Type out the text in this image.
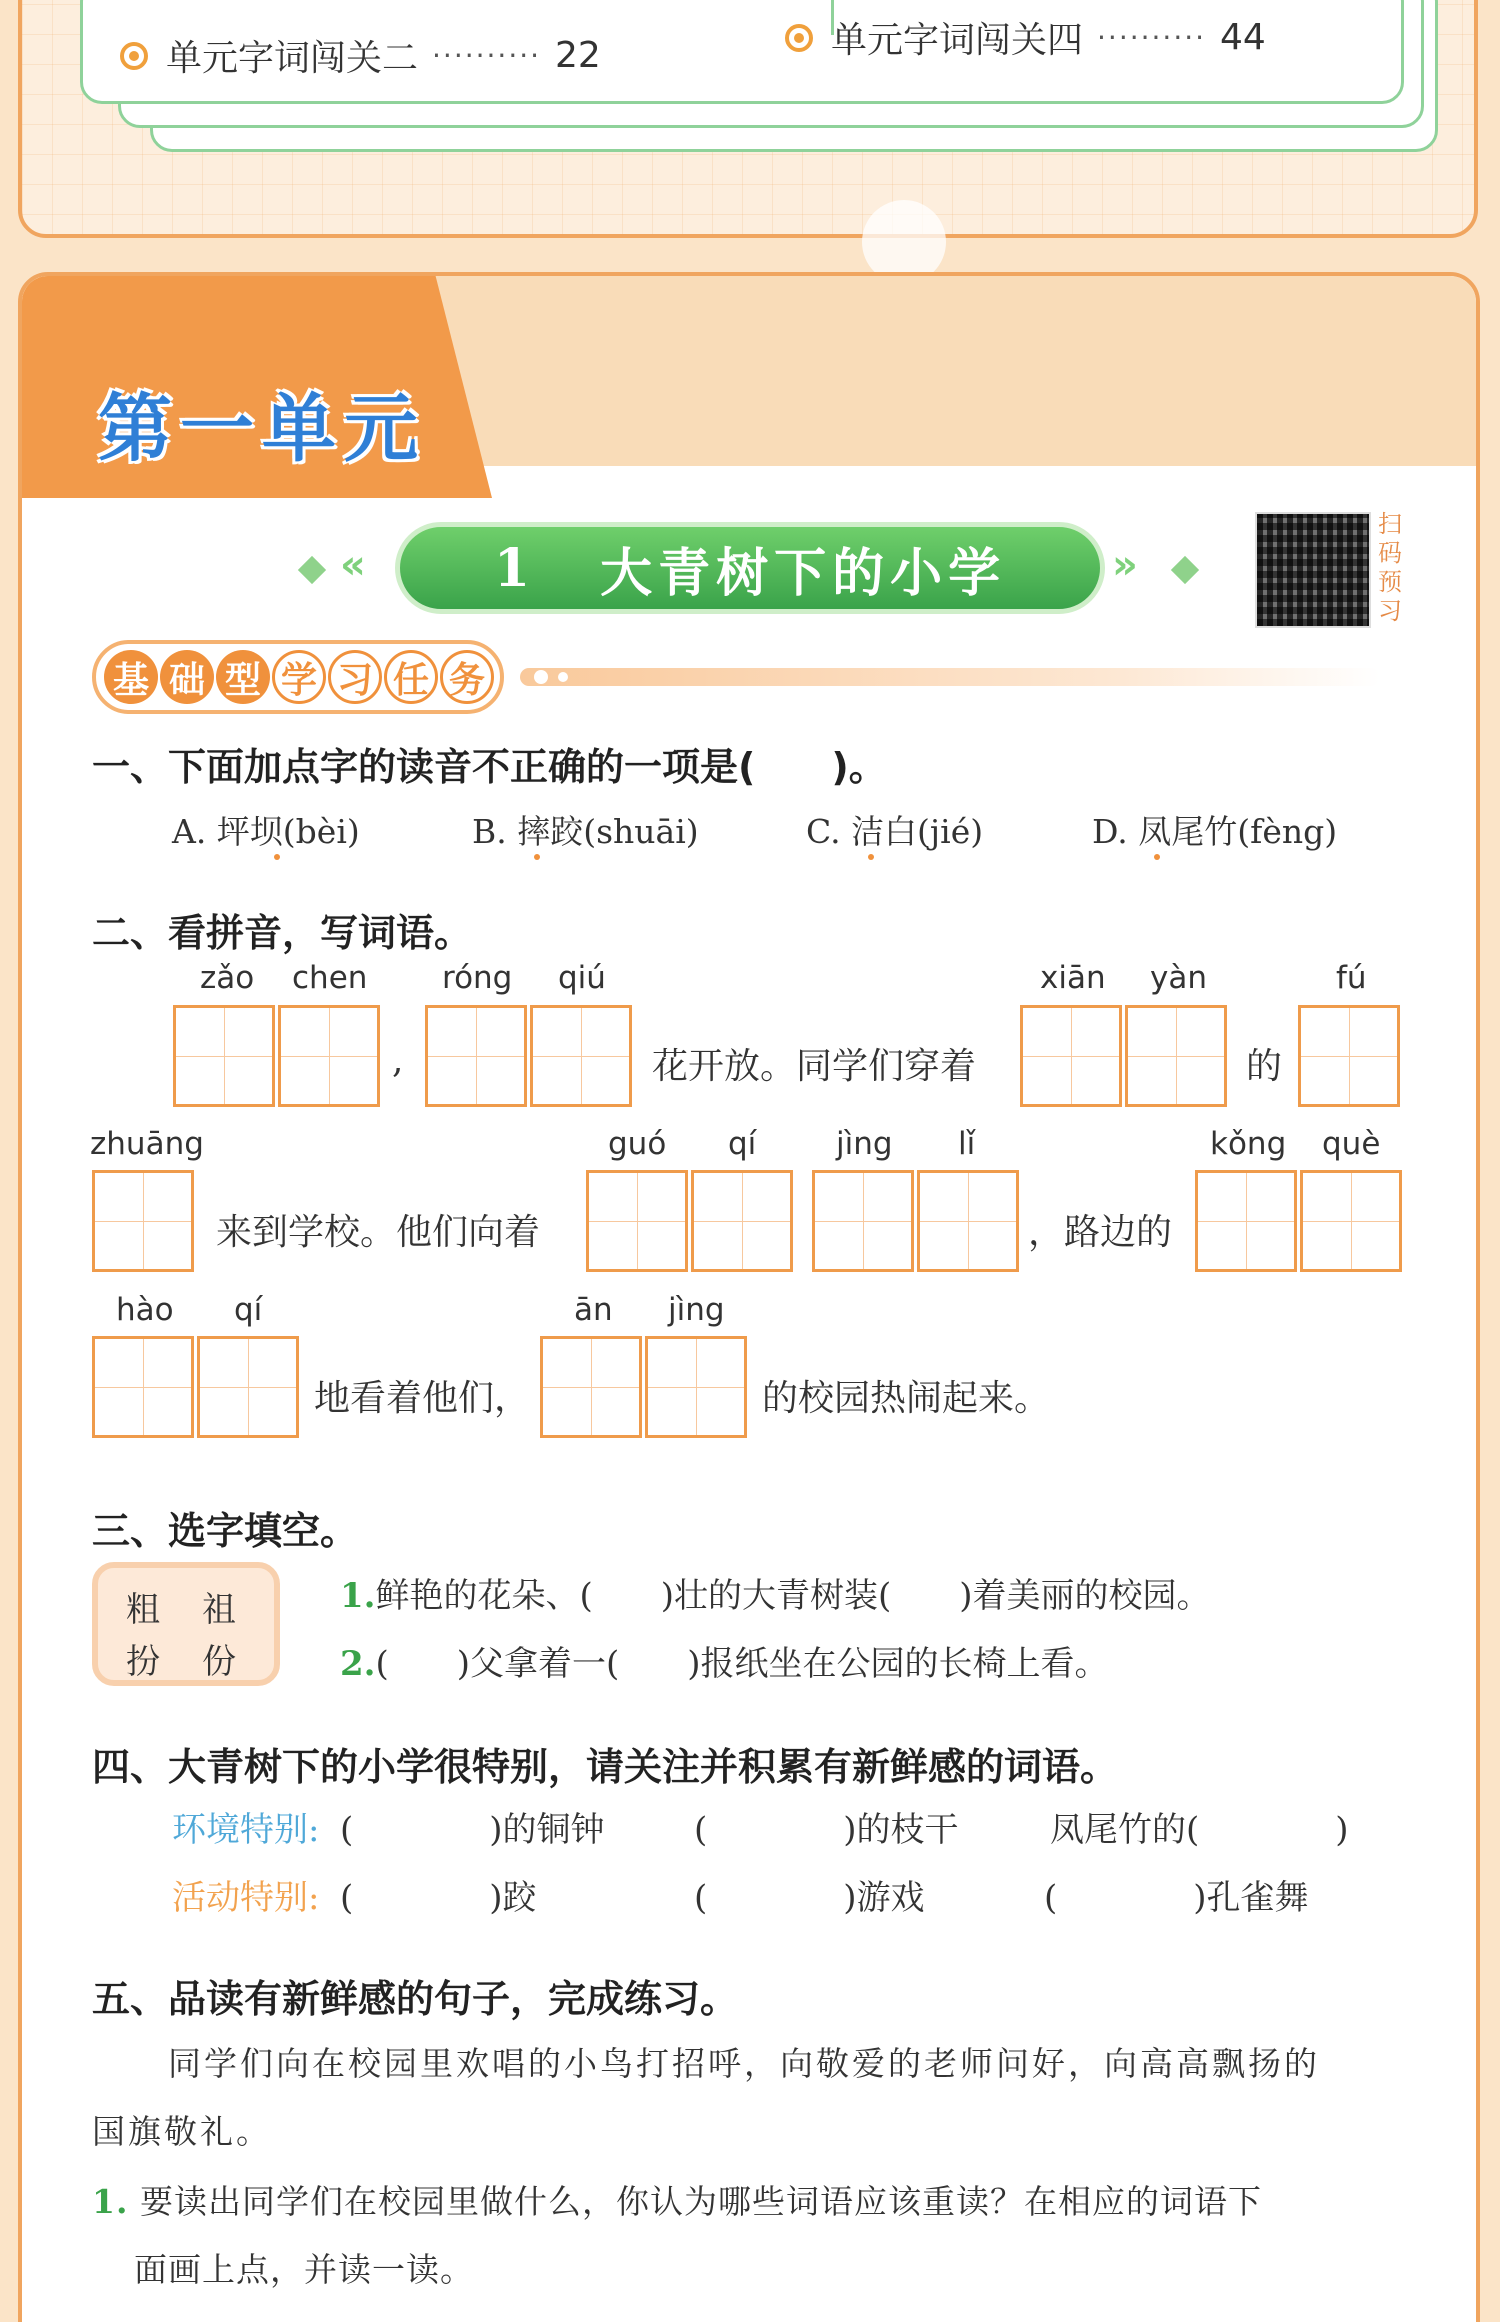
单元字词闯关二 ·········· 22	单元字词闯关四 ·········· 44
第一单元
« 1 大青树下的小学	»
扫
码
预
习
基 础 型 学 习 任 务
一、下面加点字的读音不正确的一项是(　　)。
A. 坪坝(bèi)	B. 摔跤(shuāi)	C. 洁白(jié)	D. 凤尾竹(fèng)
二、看拼音，写词语。
zǎo chen róng qiú	xiān yàn	fú
,	花开放。同学们穿着	的
zhuāng	guó qí	jìng lǐ	kǒng què
来到学校。他们向着	，路边的
hào qí	ān jìng
地看着他们，	的校园热闹起来。
三、选字填空。
粗 祖
扮 份
1.鲜艳的花朵、(　　)壮的大青树装(　　)着美丽的校园。
2.(　　)父拿着一(　　)报纸坐在公园的长椅上看。
四、大青树下的小学很特别，请关注并积累有新鲜感的词语。
环境特别: (　　　　)的铜钟	(　　　　)的枝干	凤尾竹的(　　　　)
活动特别: (　　　　)跤	(　　　　)游戏	(　　　　)孔雀舞
五、品读有新鲜感的句子，完成练习。
同学们向在校园里欢唱的小鸟打招呼，向敬爱的老师问好，向高高飘扬的
国旗敬礼。
1. 要读出同学们在校园里做什么，你认为哪些词语应该重读？在相应的词语下
面画上点，并读一读。
